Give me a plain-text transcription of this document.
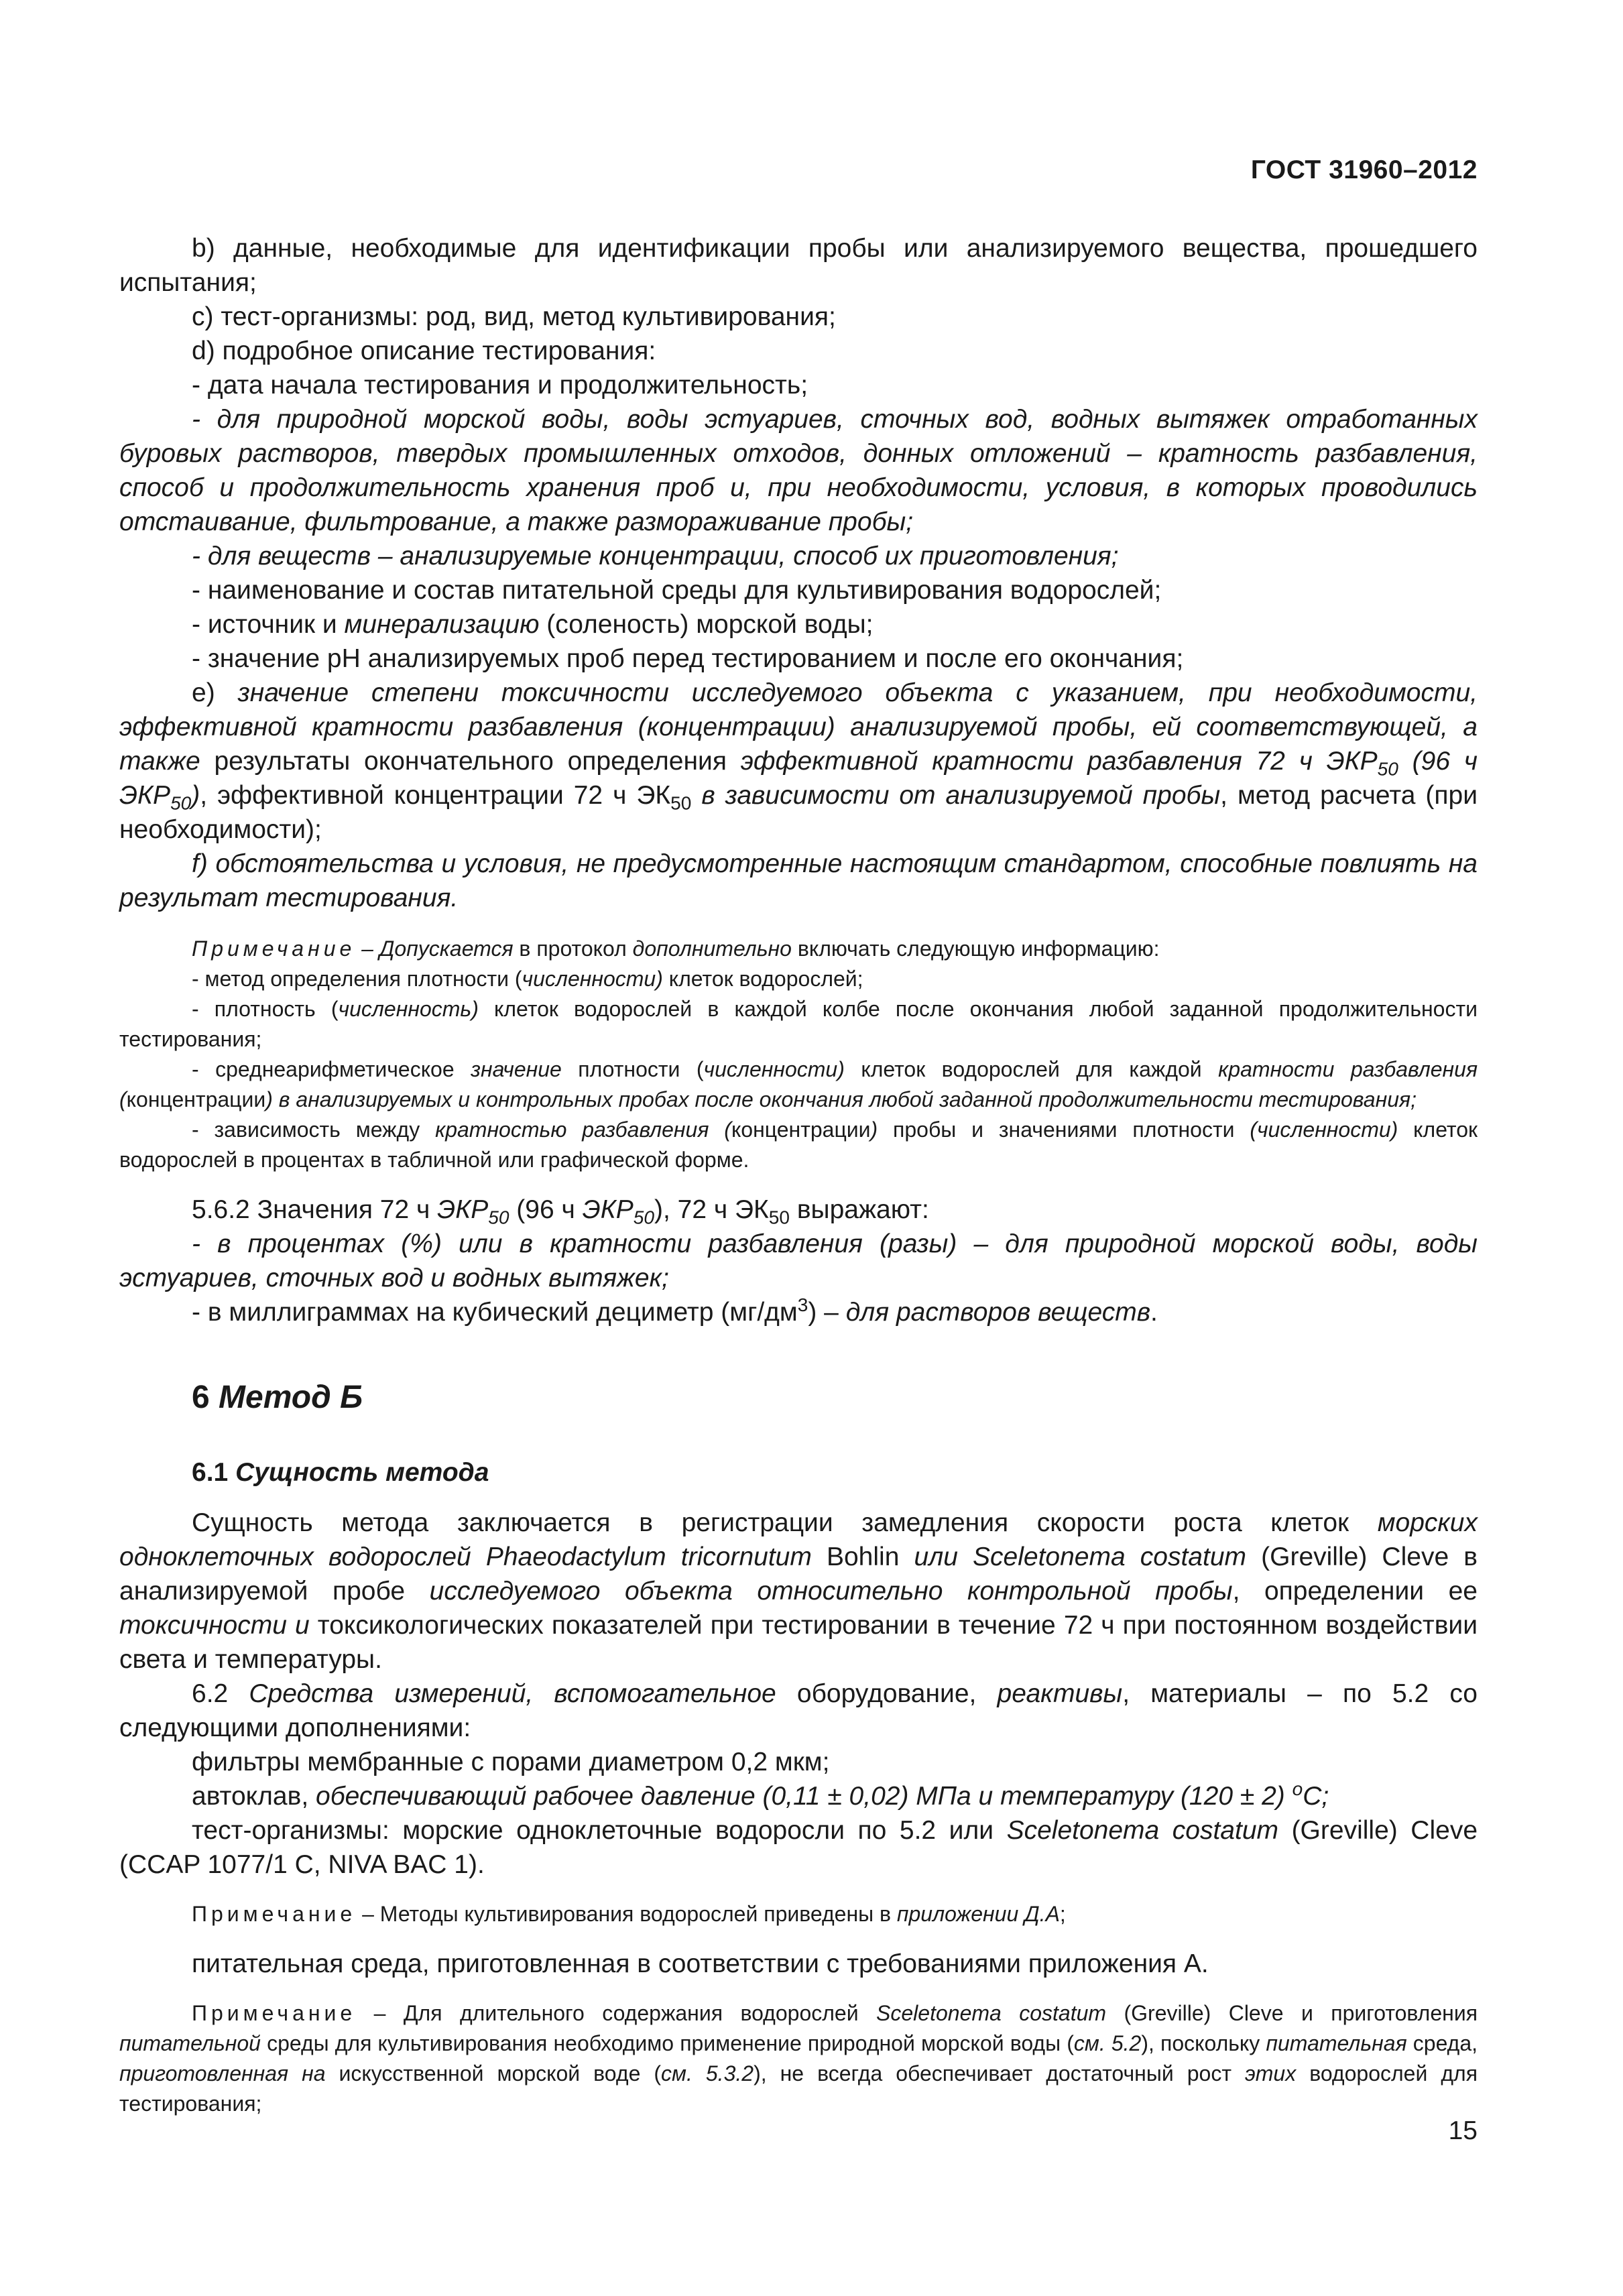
ГОСТ 31960–2012

b) данные, необходимые для идентификации пробы или анализируемого вещества, прошедшего испытания;

c) тест-организмы: род, вид, метод культивирования;

d) подробное описание тестирования:

- дата начала тестирования и продолжительность;

- для природной морской воды, воды эстуариев, сточных вод, водных вытяжек отработанных буровых растворов, твердых промышленных отходов, донных отложений – кратность разбавления, способ и продолжительность хранения проб и, при необходимости, условия, в которых проводились отстаивание, фильтрование, а также размораживание пробы;

- для веществ – анализируемые концентрации, способ их приготовления;

- наименование и состав питательной среды для культивирования водорослей;

- источник и минерализацию (соленость) морской воды;

- значение рН анализируемых проб перед тестированием и после его окончания;

e) значение степени токсичности исследуемого объекта с указанием, при необходимости, эффективной кратности разбавления (концентрации) анализируемой пробы, ей соответствующей, а также результаты окончательного определения эффективной кратности разбавления 72 ч $ЭКР_{50}$ (96 ч $ЭКР_{50}$), эффективной концентрации 72 ч $ЭК_{50}$ в зависимости от анализируемой пробы, метод расчета (при необходимости);

f) обстоятельства и условия, не предусмотренные настоящим стандартом, способные повлиять на результат тестирования.

Примечание – Допускается в протокол дополнительно включать следующую информацию:

- метод определения плотности (численности) клеток водорослей;

- плотность (численность) клеток водорослей в каждой колбе после окончания любой заданной продолжительности тестирования;

- среднеарифметическое значение плотности (численности) клеток водорослей для каждой кратности разбавления (концентрации) в анализируемых и контрольных пробах после окончания любой заданной продолжительности тестирования;

- зависимость между кратностью разбавления (концентрации) пробы и значениями плотности (численности) клеток водорослей в процентах в табличной или графической форме.

5.6.2 Значения 72 ч $ЭКР_{50}$ (96 ч $ЭКР_{50}$), 72 ч $ЭК_{50}$ выражают:

- в процентах (%) или в кратности разбавления (разы) – для природной морской воды, воды эстуариев, сточных вод и водных вытяжек;

- в миллиграммах на кубический дециметр $(мг/дм^3)$ – для растворов веществ.

6 Метод Б
6.1 Сущность метода

Сущность метода заключается в регистрации замедления скорости роста клеток морских одноклеточных водорослей Phaeodactylum tricornutum Bohlin или Sceletonema costatum (Greville) Cleve в анализируемой пробе исследуемого объекта относительно контрольной пробы, определении ее токсичности и токсикологических показателей при тестировании в течение 72 ч при постоянном воздействии света и температуры.

6.2 Средства измерений, вспомогательное оборудование, реактивы, материалы – по 5.2 со следующими дополнениями:

фильтры мембранные с порами диаметром 0,2 мкм;

автоклав, обеспечивающий рабочее давление (0,11 ± 0,02) МПа и температуру (120 ± 2) $^o$C;

тест-организмы: морские одноклеточные водоросли по 5.2 или Sceletonema costatum (Greville) Cleve (CCAP 1077/1 C, NIVA BAC 1).

Примечание – Методы культивирования водорослей приведены в приложении Д.А;

питательная среда, приготовленная в соответствии с требованиями приложения А.

Примечание – Для длительного содержания водорослей Sceletonema costatum (Greville) Cleve и приготовления питательной среды для культивирования необходимо применение природной морской воды (см. 5.2), поскольку питательная среда, приготовленная на искусственной морской воде (см. 5.3.2), не всегда обеспечивает достаточный рост этих водорослей для тестирования;

15
